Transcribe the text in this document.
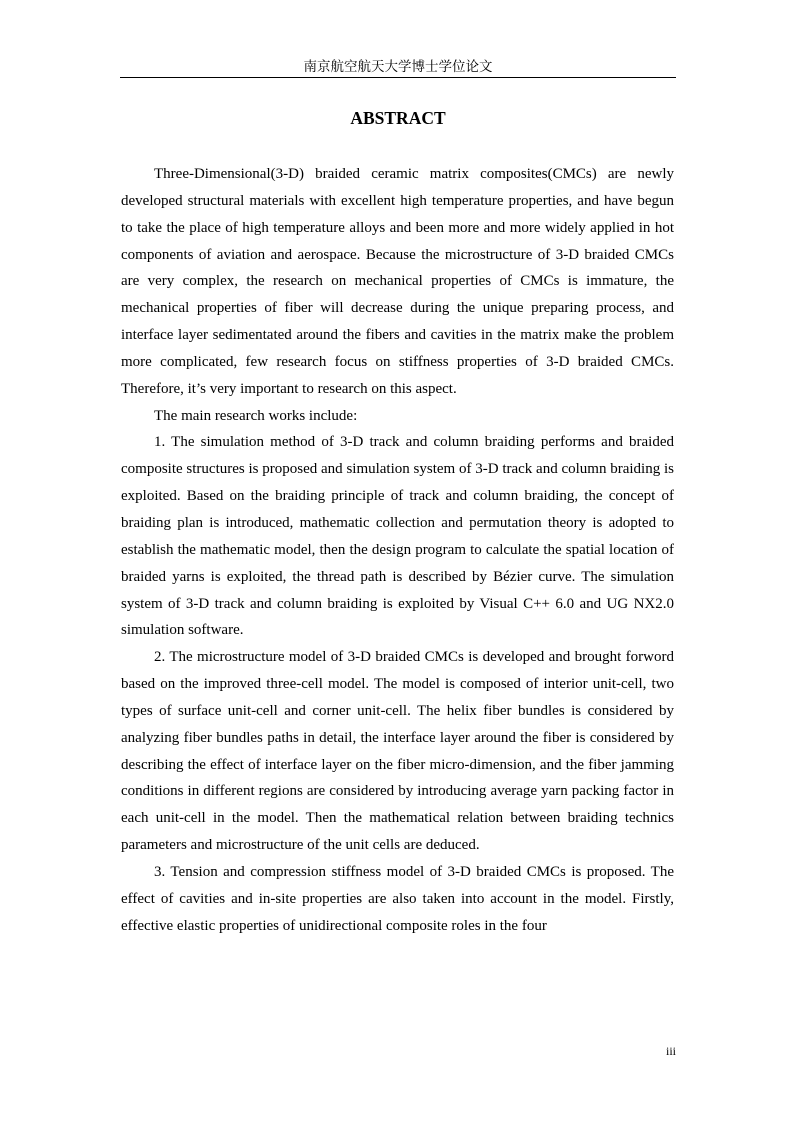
南京航空航天大学博士学位论文
ABSTRACT

Three-Dimensional(3-D) braided ceramic matrix composites(CMCs) are newly developed structural materials with excellent high temperature properties, and have begun to take the place of high temperature alloys and been more and more widely applied in hot components of aviation and aerospace. Because the microstructure of 3-D braided CMCs are very complex, the research on mechanical properties of CMCs is immature, the mechanical properties of fiber will decrease during the unique preparing process, and interface layer sedimentated around the fibers and cavities in the matrix make the problem more complicated, few research focus on stiffness properties of 3-D braided CMCs. Therefore, it’s very important to research on this aspect.

The main research works include:

1. The simulation method of 3-D track and column braiding performs and braided composite structures is proposed and simulation system of 3-D track and column braiding is exploited. Based on the braiding principle of track and column braiding, the concept of braiding plan is introduced, mathematic collection and permutation theory is adopted to establish the mathematic model, then the design program to calculate the spatial location of braided yarns is exploited, the thread path is described by Bézier curve. The simulation system of 3-D track and column braiding is exploited by Visual C++ 6.0 and UG NX2.0 simulation software.

2. The microstructure model of 3-D braided CMCs is developed and brought forword based on the improved three-cell model. The model is composed of interior unit-cell, two types of surface unit-cell and corner unit-cell. The helix fiber bundles is considered by analyzing fiber bundles paths in detail, the interface layer around the fiber is considered by describing the effect of interface layer on the fiber micro-dimension, and the fiber jamming conditions in different regions are considered by introducing average yarn packing factor in each unit-cell in the model. Then the mathematical relation between braiding technics parameters and microstructure of the unit cells are deduced.

3. Tension and compression stiffness model of 3-D braided CMCs is proposed. The effect of cavities and in-site properties are also taken into account in the model. Firstly, effective elastic properties of unidirectional composite roles in the four

iii
